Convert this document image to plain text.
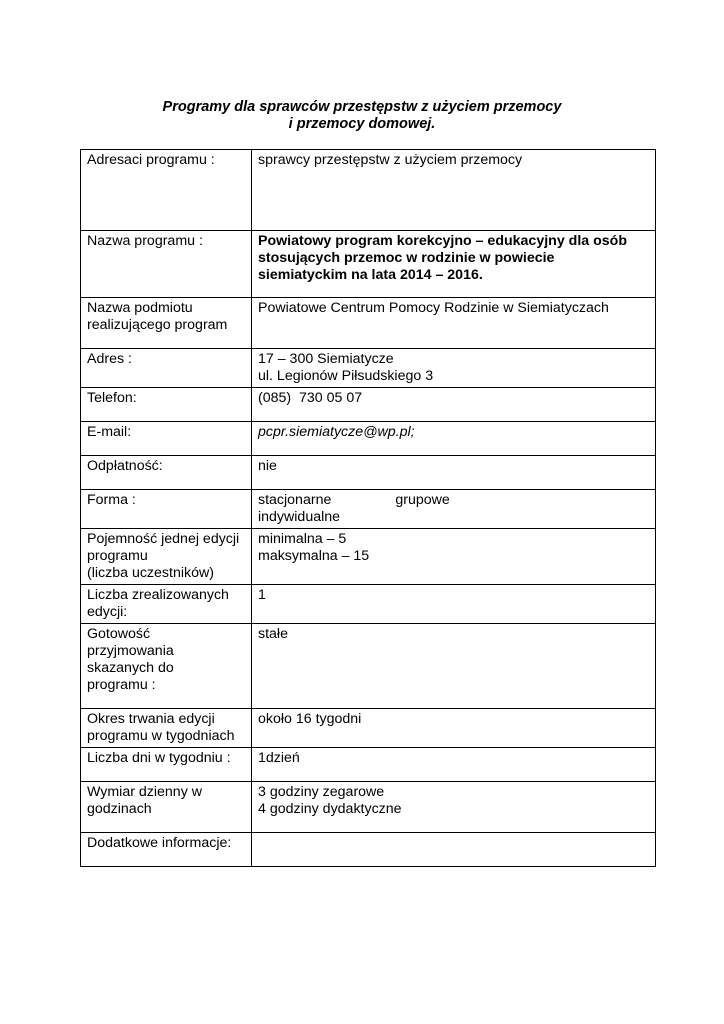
Programy dla sprawców przestępstw z użyciem przemocy
i przemocy domowej.
Adresaci programu :	sprawcy przestępstw z użyciem przemocy
Nazwa programu :	Powiatowy program korekcyjno – edukacyjny dla osób
stosujących przemoc w rodzinie w powiecie
siemiatyckim na lata 2014 – 2016.

Nazwa podmiotu
realizującego program	Powiatowe Centrum Pomocy Rodzinie w Siemiatyczach
Adres :	17 – 300 Siemiatycze
ul. Legionów Piłsudskiego 3

Telefon:	(085)  730 05 07

E-mail:	pcpr.siemiatycze@wp.pl;
Odpłatność:	nie
Forma :	stacjonarne grupowe
indywidualne

Pojemność jednej edycji
programu
(liczba uczestników)	minimalna – 5
maksymalna – 15

Liczba zrealizowanych
edycji:	1

Gotowość
przyjmowania
skazanych do
programu :	stałe

Okres trwania edycji
programu w tygodniach	około 16 tygodni
Liczba dni w tygodniu :	1dzień

Wymiar dzienny w
godzinach	3 godziny zegarowe
4 godziny dydaktyczne

Dodatkowe informacje:	
